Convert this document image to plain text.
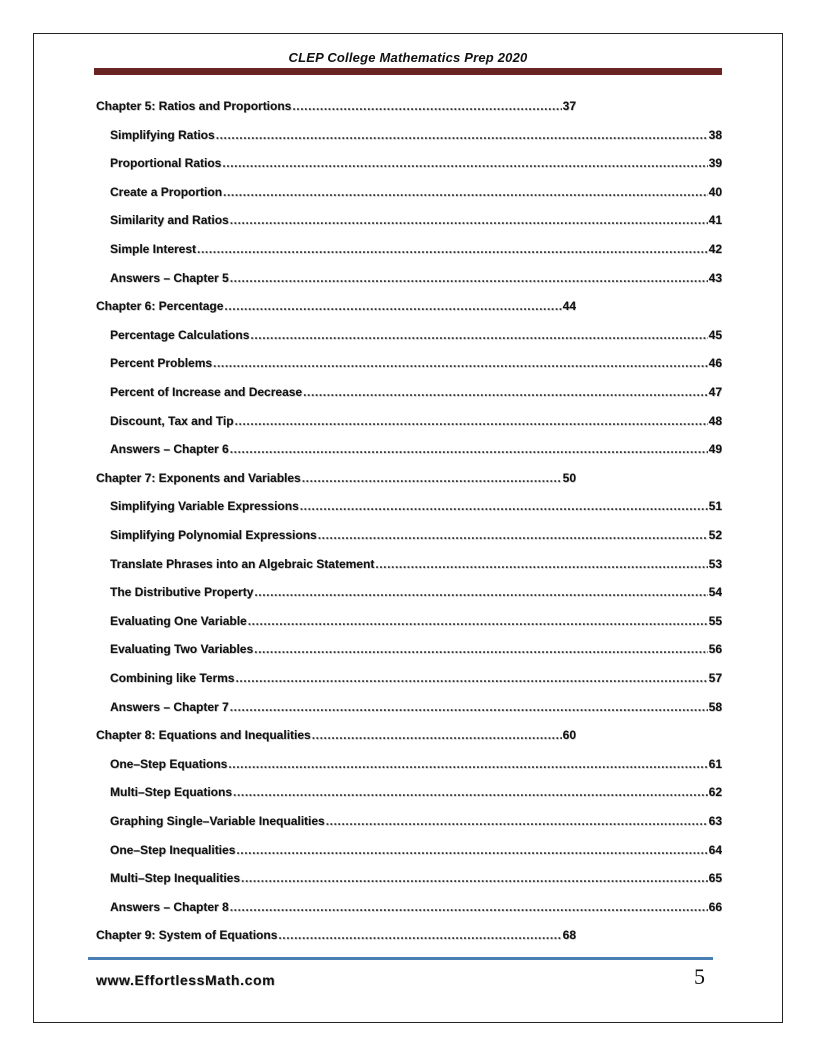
CLEP College Mathematics Prep 2020
Chapter 5: Ratios and Proportions .....	37
Simplifying Ratios .....	38
Proportional Ratios .....	39
Create a Proportion .....	40
Similarity and Ratios .....	41
Simple Interest .....	42
Answers – Chapter 5 .....	43
Chapter 6: Percentage .....	44
Percentage Calculations .....	45
Percent Problems .....	46
Percent of Increase and Decrease .....	47
Discount, Tax and Tip .....	48
Answers – Chapter 6 .....	49
Chapter 7: Exponents and Variables .....	50
Simplifying Variable Expressions .....	51
Simplifying Polynomial Expressions .....	52
Translate Phrases into an Algebraic Statement .....	53
The Distributive Property .....	54
Evaluating One Variable .....	55
Evaluating Two Variables .....	56
Combining like Terms .....	57
Answers – Chapter 7 .....	58
Chapter 8: Equations and Inequalities .....	60
One–Step Equations .....	61
Multi–Step Equations .....	62
Graphing Single–Variable Inequalities .....	63
One–Step Inequalities .....	64
Multi–Step Inequalities .....	65
Answers – Chapter 8 .....	66
Chapter 9: System of Equations .....	68
www.EffortlessMath.com	5
